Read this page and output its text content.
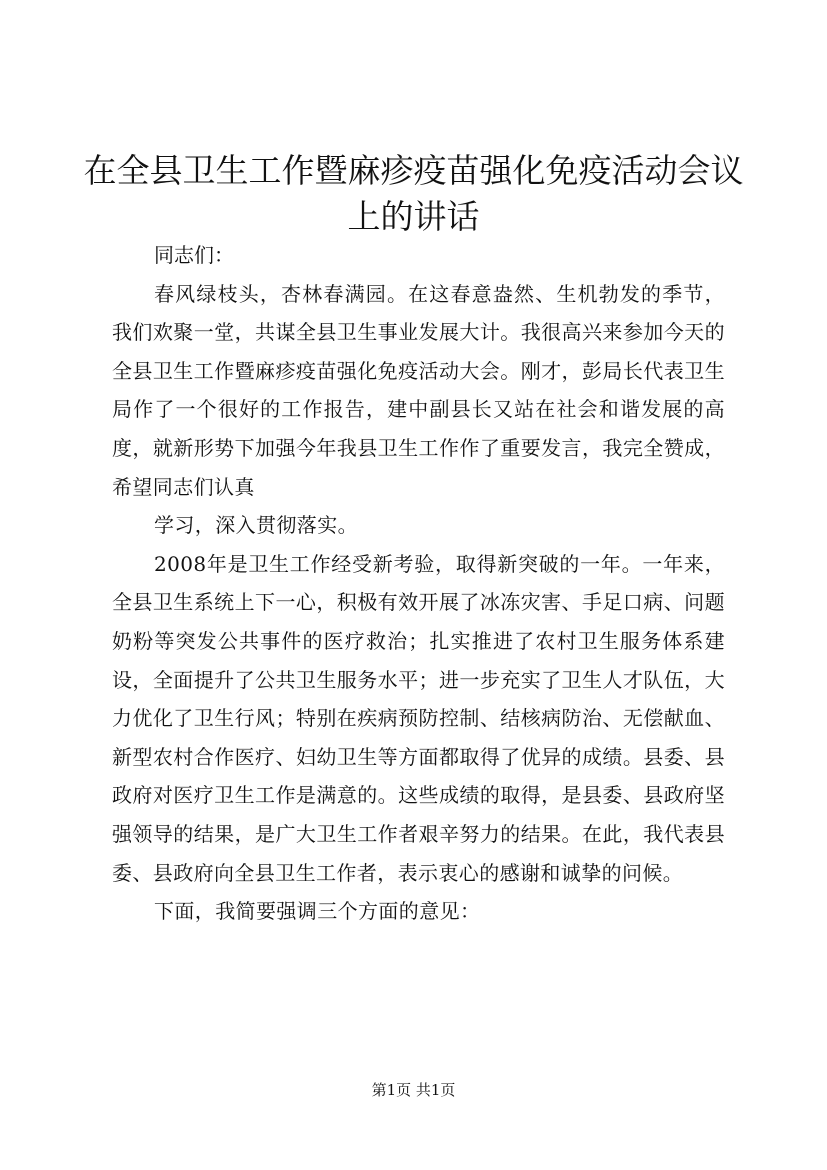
在全县卫生工作暨麻疹疫苗强化免疫活动会议上的讲话

同志们：

春风绿枝头，杏林春满园。在这春意盎然、生机勃发的季节，我们欢聚一堂，共谋全县卫生事业发展大计。我很高兴来参加今天的全县卫生工作暨麻疹疫苗强化免疫活动大会。刚才，彭局长代表卫生局作了一个很好的工作报告，建中副县长又站在社会和谐发展的高度，就新形势下加强今年我县卫生工作作了重要发言，我完全赞成，希望同志们认真

学习，深入贯彻落实。

2008年是卫生工作经受新考验，取得新突破的一年。一年来，全县卫生系统上下一心，积极有效开展了冰冻灾害、手足口病、问题奶粉等突发公共事件的医疗救治；扎实推进了农村卫生服务体系建设，全面提升了公共卫生服务水平；进一步充实了卫生人才队伍，大力优化了卫生行风；特别在疾病预防控制、结核病防治、无偿献血、新型农村合作医疗、妇幼卫生等方面都取得了优异的成绩。县委、县政府对医疗卫生工作是满意的。这些成绩的取得，是县委、县政府坚强领导的结果，是广大卫生工作者艰辛努力的结果。在此，我代表县委、县政府向全县卫生工作者，表示衷心的感谢和诚挚的问候。

下面，我简要强调三个方面的意见：

第1页 共1页
